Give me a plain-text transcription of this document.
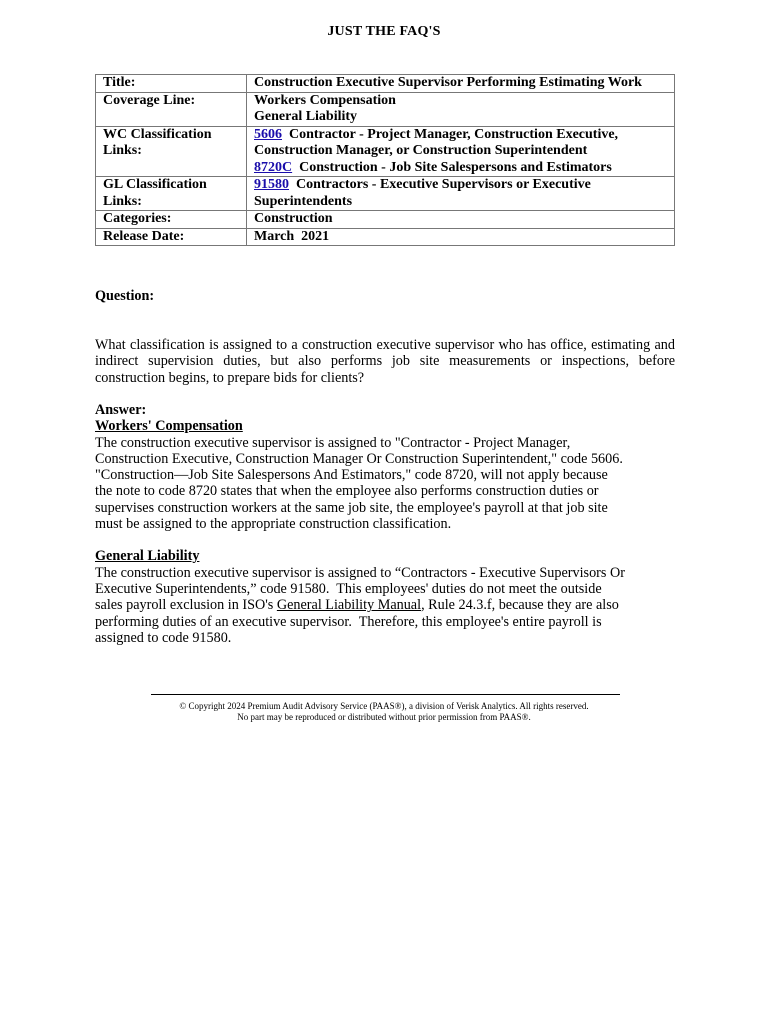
JUST THE FAQ'S
Title:	Construction Executive Supervisor Performing Estimating Work
Coverage Line:	Workers Compensation
General Liability

WC Classification Links:	5606 Contractor - Project Manager, Construction Executive, Construction Manager, or Construction Superintendent
8720C Construction - Job Site Salespersons and Estimators

GL Classification Links:	91580 Contractors - Executive Supervisors or Executive Superintendents

Categories:	Construction
Release Date:	March  2021
Question:
What classification is assigned to a construction executive supervisor who has office, estimating and indirect supervision duties, but also performs job site measurements or inspections, before construction begins, to prepare bids for clients?
Answer:
Workers' Compensation
The construction executive supervisor is assigned to "Contractor - Project Manager,
Construction Executive, Construction Manager Or Construction Superintendent," code 5606.
"Construction—Job Site Salespersons And Estimators," code 8720, will not apply because
the note to code 8720 states that when the employee also performs construction duties or
supervises construction workers at the same job site, the employee's payroll at that job site
must be assigned to the appropriate construction classification.
General Liability
The construction executive supervisor is assigned to “Contractors - Executive Supervisors Or
Executive Superintendents,” code 91580.  This employees' duties do not meet the outside
sales payroll exclusion in ISO's General Liability Manual, Rule 24.3.f, because they are also
performing duties of an executive supervisor.  Therefore, this employee's entire payroll is
assigned to code 91580.
© Copyright 2024 Premium Audit Advisory Service (PAAS®), a division of Verisk Analytics. All rights reserved.
No part may be reproduced or distributed without prior permission from PAAS®.
